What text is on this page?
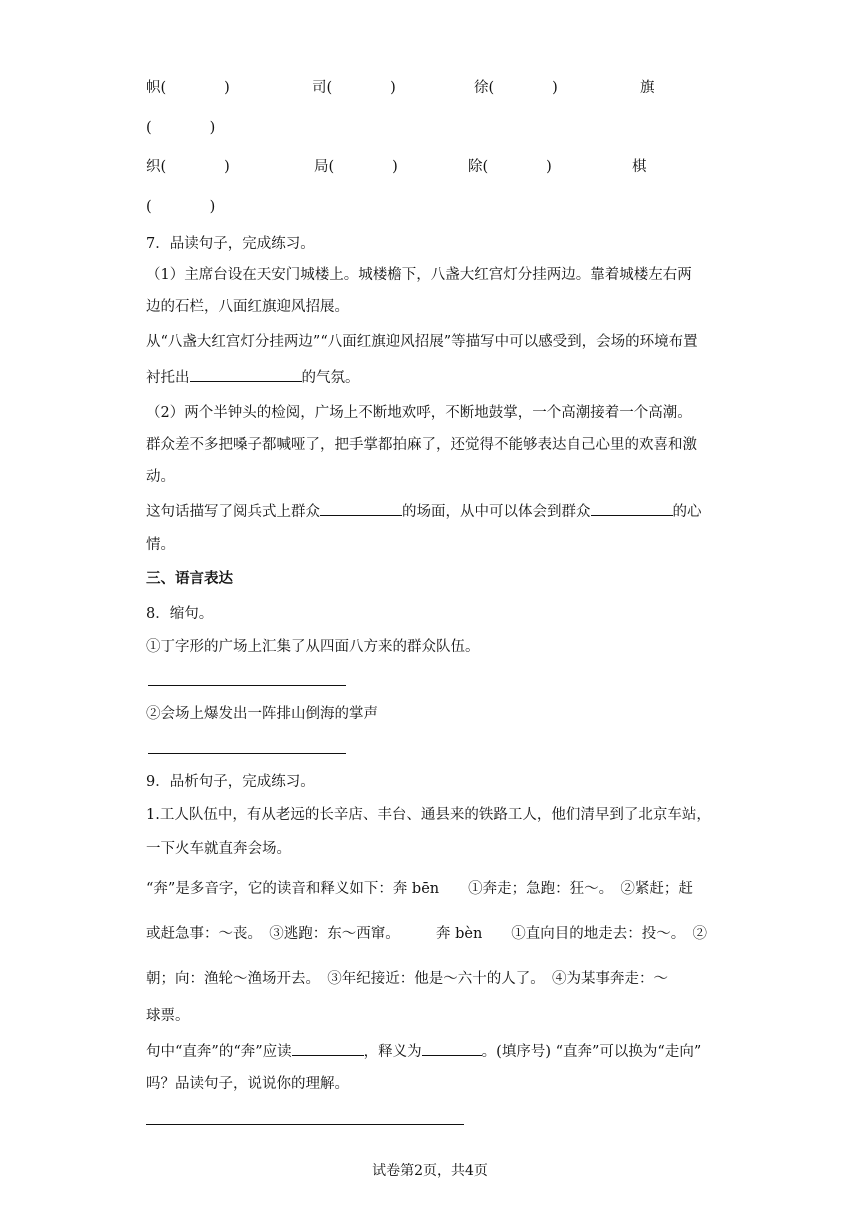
帜(　　　　)	司(　　　　)	徐(　　　　)	旗
(　　　　)
织(　　　　)	局(　　　　)	除(　　　　)	棋
(　　　　)
7．品读句子，完成练习。
（1）主席台设在天安门城楼上。城楼檐下，八盏大红宫灯分挂两边。靠着城楼左右两
边的石栏，八面红旗迎风招展。
从“八盏大红宫灯分挂两边”“八面红旗迎风招展”等描写中可以感受到，会场的环境布置
衬托出	的气氛。
（2）两个半钟头的检阅，广场上不断地欢呼，不断地鼓掌，一个高潮接着一个高潮。
群众差不多把嗓子都喊哑了，把手掌都拍麻了，还觉得不能够表达自己心里的欢喜和激
动。
这句话描写了阅兵式上群众	的场面，从中可以体会到群众	的心
情。
三、语言表达
8．缩句。
①丁字形的广场上汇集了从四面八方来的群众队伍。
②会场上爆发出一阵排山倒海的掌声
9．品析句子，完成练习。
1.工人队伍中，有从老远的长辛店、丰台、通县来的铁路工人，他们清早到了北京车站，
一下火车就直奔会场。
“奔”是多音字，它的读音和释义如下：奔 bēn　　①奔走；急跑：狂～。　②紧赶；赶
或赶急事：～丧。　③逃跑：东～西窜。　　　奔 bèn　　①直向目的地走去：投～。　②
朝；向：渔轮～渔场开去。　③年纪接近：他是～六十的人了。　④为某事奔走：～
球票。
句中“直奔”的“奔”应读	，释义为	。(填序号) “直奔”可以换为“走向”
吗？品读句子，说说你的理解。
试卷第2页，共4页
